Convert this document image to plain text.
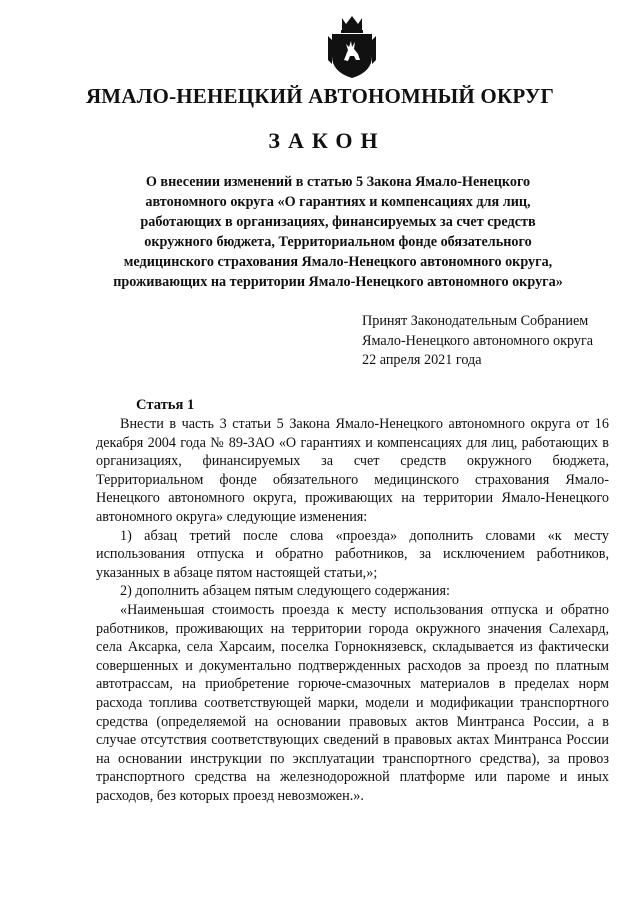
ЯМАЛО-НЕНЕЦКИЙ АВТОНОМНЫЙ ОКРУГ
ЗАКОН
О внесении изменений в статью 5 Закона Ямало-Ненецкого
автономного округа «О гарантиях и компенсациях для лиц,
работающих в организациях, финансируемых за счет средств
окружного бюджета, Территориальном фонде обязательного
медицинского страхования Ямало-Ненецкого автономного округа,
проживающих на территории Ямало-Ненецкого автономного округа»
Принят Законодательным Собранием
Ямало-Ненецкого автономного округа
22 апреля 2021 года
Статья 1

Внести в часть 3 статьи 5 Закона Ямало-Ненецкого автономного округа от 16 декабря 2004 года № 89-ЗАО «О гарантиях и компенсациях для лиц, работающих в организациях, финансируемых за счет средств окружного бюджета, Территориальном фонде обязательного медицинского страхования Ямало-Ненецкого автономного округа, проживающих на территории Ямало-Ненецкого автономного округа» следующие изменения:

1) абзац третий после слова «проезда» дополнить словами «к месту использования отпуска и обратно работников, за исключением работников, указанных в абзаце пятом настоящей статьи,»;

2) дополнить абзацем пятым следующего содержания:

«Наименьшая стоимость проезда к месту использования отпуска и обратно работников, проживающих на территории города окружного значения Салехард, села Аксарка, села Харсаим, поселка Горнокнязевск, складывается из фактически совершенных и документально подтвержденных расходов за проезд по платным автотрассам, на приобретение горюче-смазочных материалов в пределах норм расхода топлива соответствующей марки, модели и модификации транспортного средства (определяемой на основании правовых актов Минтранса России, а в случае отсутствия соответствующих сведений в правовых актах Минтранса России на основании инструкции по эксплуатации транспортного средства), за провоз транспортного средства на железнодорожной платформе или пароме и иных расходов, без которых проезд невозможен.».
